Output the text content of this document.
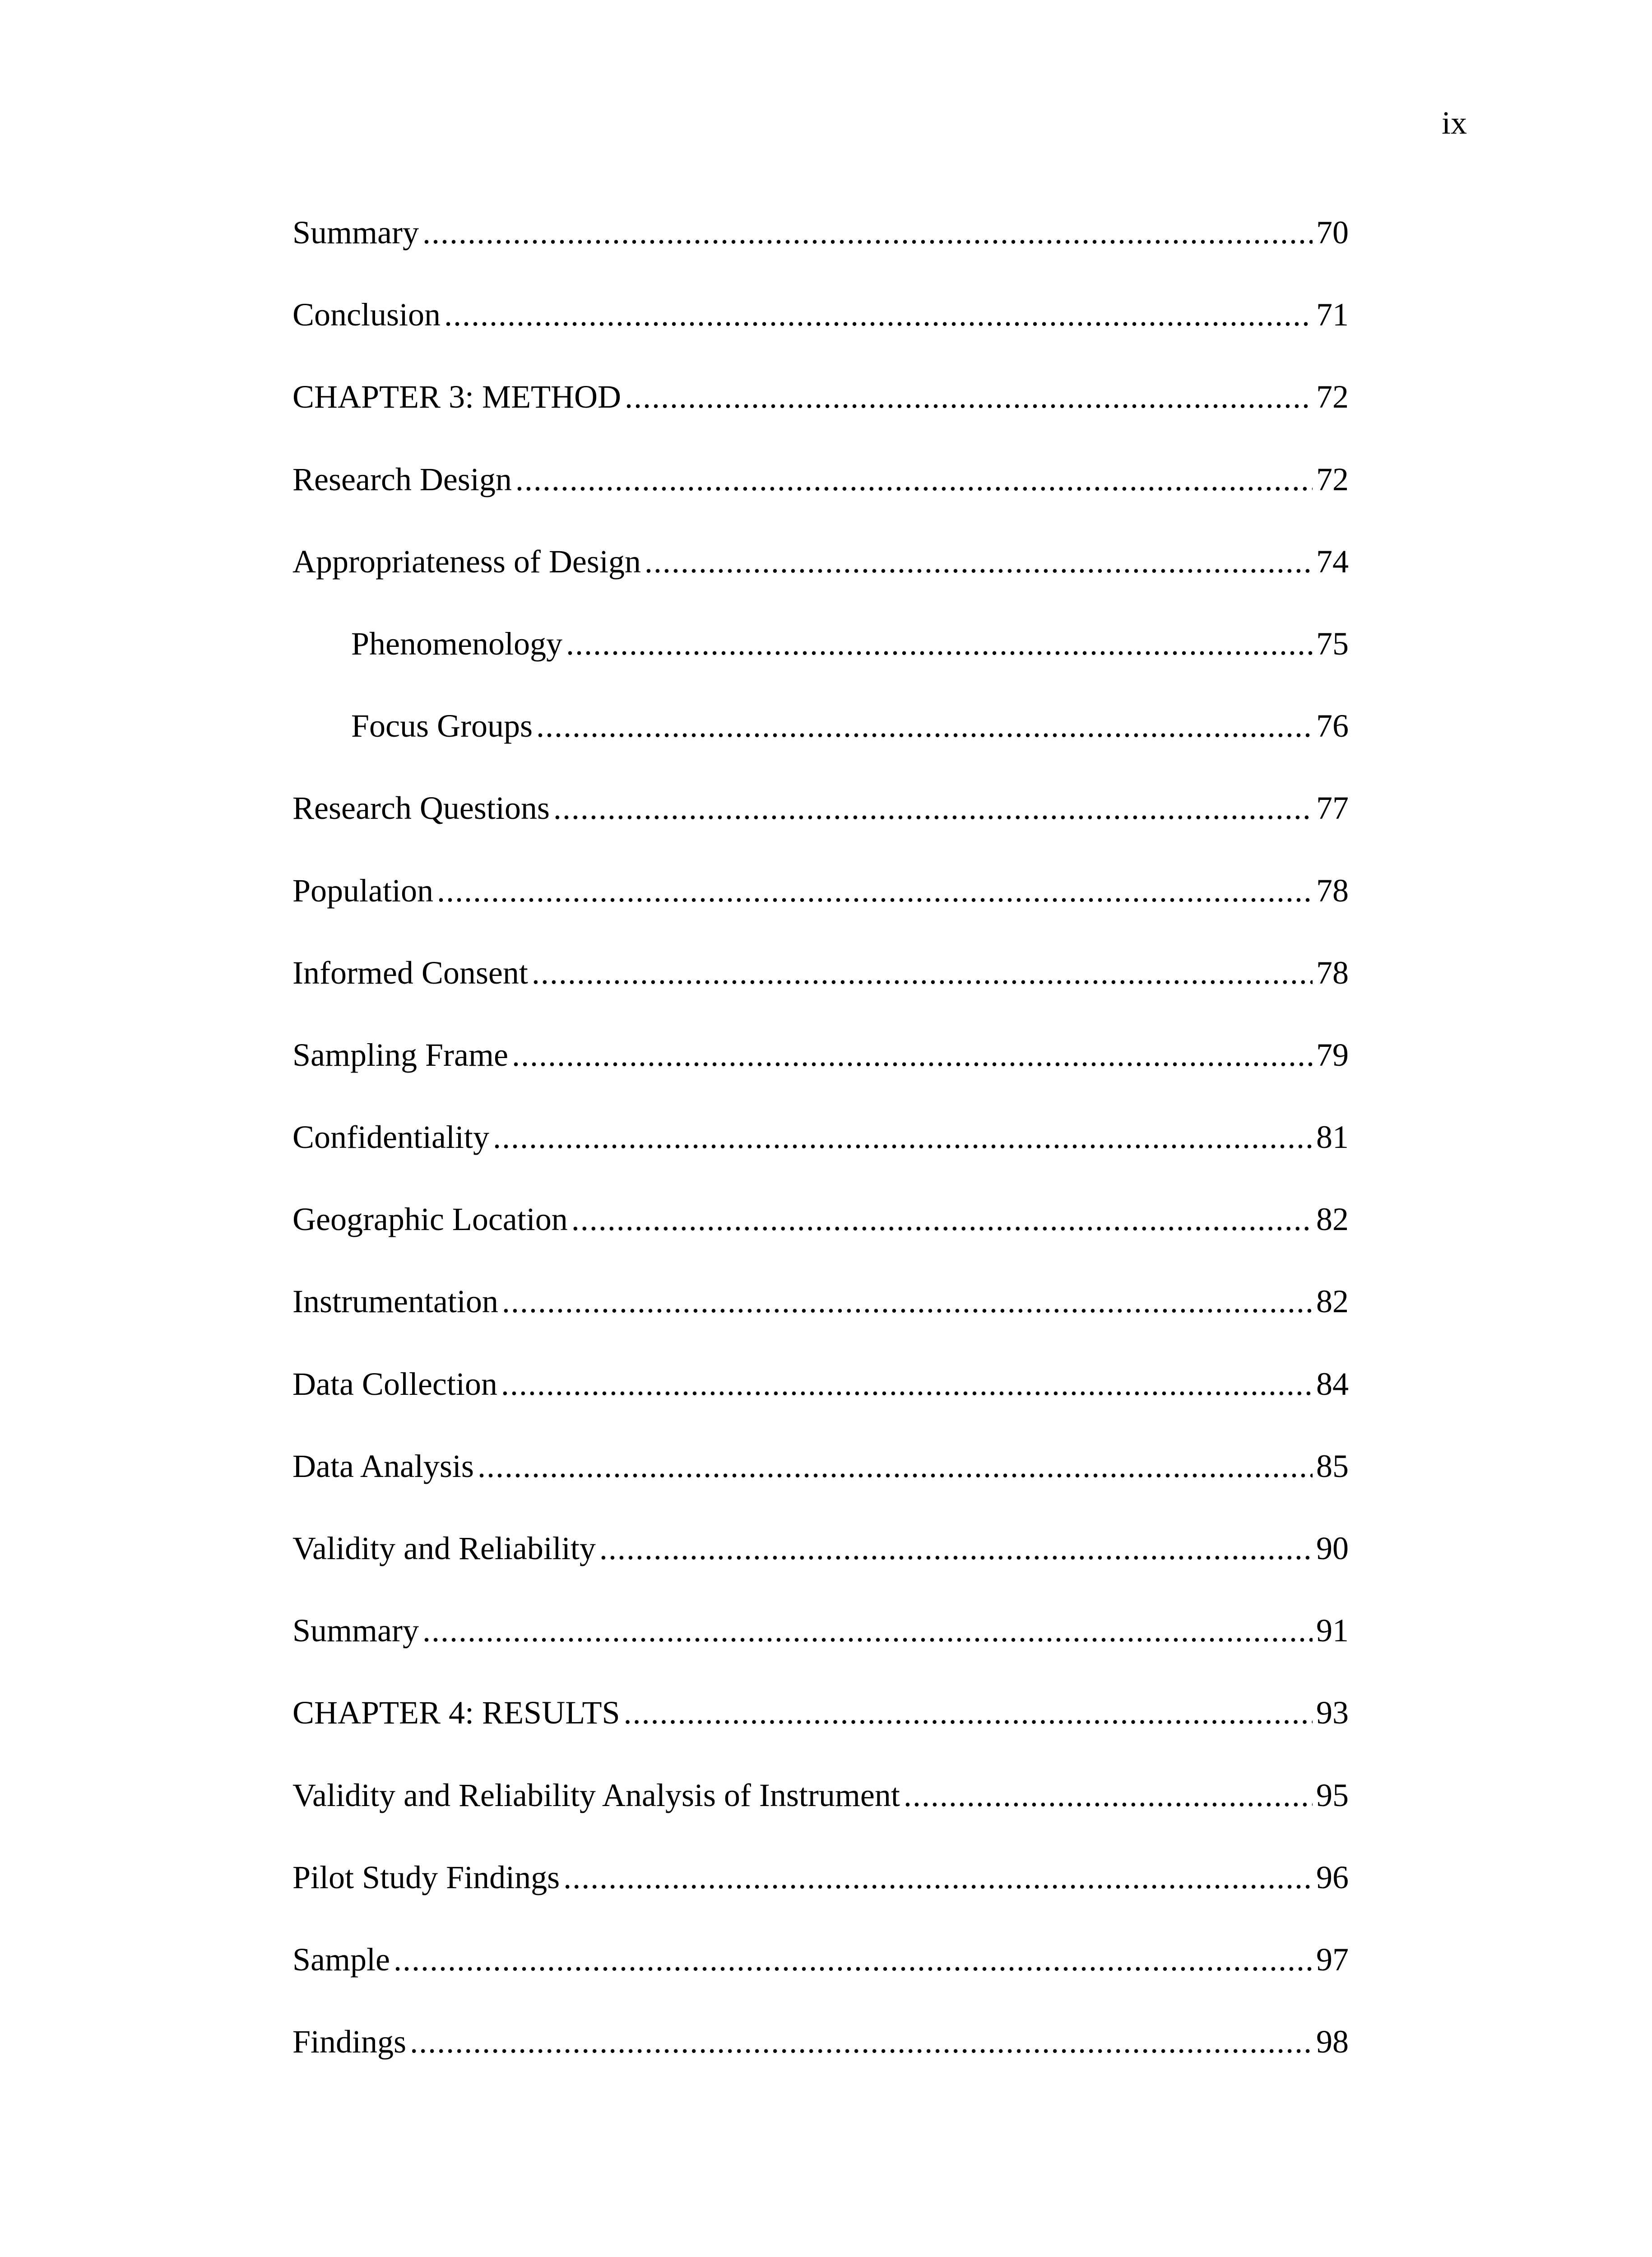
ix
Summary .....	70
Conclusion .....	71
CHAPTER 3: METHOD .....	72
Research Design .....	72
Appropriateness of Design .....	74
Phenomenology .....	75
Focus Groups .....	76
Research Questions .....	77
Population .....	78
Informed Consent .....	78
Sampling Frame .....	79
Confidentiality .....	81
Geographic Location .....	82
Instrumentation .....	82
Data Collection .....	84
Data Analysis .....	85
Validity and Reliability .....	90
Summary .....	91
CHAPTER 4: RESULTS .....	93
Validity and Reliability Analysis of Instrument .....	95
Pilot Study Findings .....	96
Sample .....	97
Findings .....	98
